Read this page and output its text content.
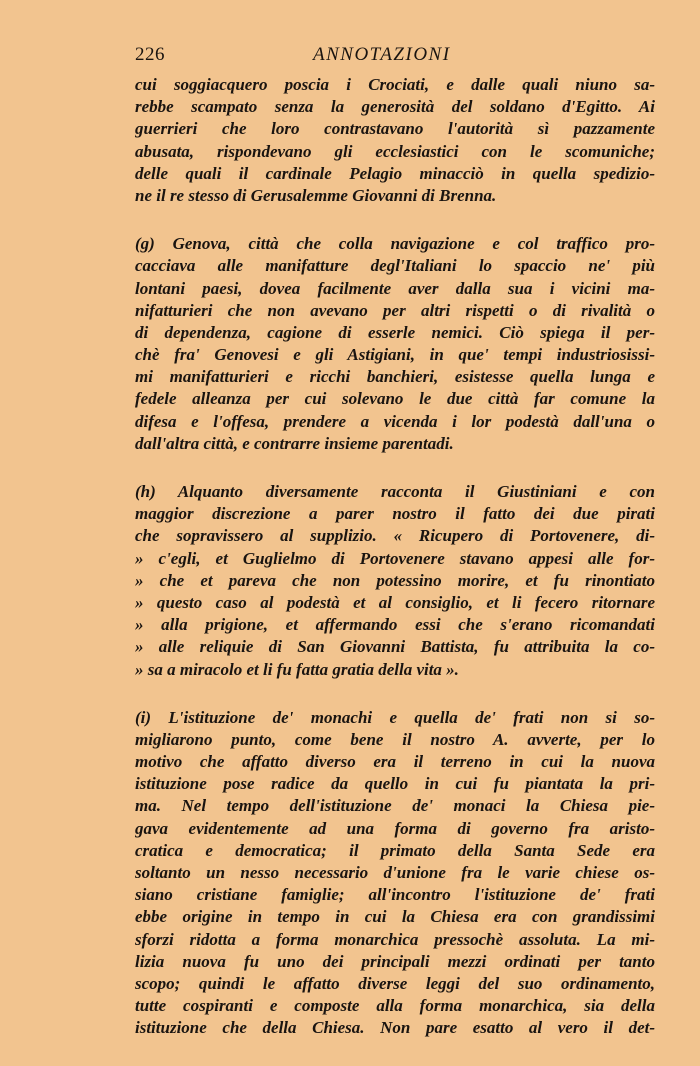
226	ANNOTAZIONI
cui soggiacquero poscia i Crociati, e dalle quali niuno sa-
rebbe scampato senza la generosità del soldano d'Egitto. Ai
guerrieri che loro contrastavano l'autorità sì pazzamente
abusata, rispondevano gli ecclesiastici con le scomuniche;
delle quali il cardinale Pelagio minacciò in quella spedizio-
ne il re stesso di Gerusalemme Giovanni di Brenna.
(g) Genova, città che colla navigazione e col traffico pro-
cacciava alle manifatture degl'Italiani lo spaccio ne' più
lontani paesi, dovea facilmente aver dalla sua i vicini ma-
nifatturieri che non avevano per altri rispetti o di rivalità o
di dependenza, cagione di esserle nemici. Ciò spiega il per-
chè fra' Genovesi e gli Astigiani, in que' tempi industriosissi-
mi manifatturieri e ricchi banchieri, esistesse quella lunga e
fedele alleanza per cui solevano le due città far comune la
difesa e l'offesa, prendere a vicenda i lor podestà dall'una o
dall'altra città, e contrarre insieme parentadi.
(h) Alquanto diversamente racconta il Giustiniani e con
maggior discrezione a parer nostro il fatto dei due pirati
che sopravissero al supplizio. « Ricupero di Portovenere, di-
» c'egli, et Guglielmo di Portovenere stavano appesi alle for-
» che et pareva che non potessino morire, et fu rinontiato
» questo caso al podestà et al consiglio, et li fecero ritornare
» alla prigione, et affermando essi che s'erano ricomandati
» alle reliquie di San Giovanni Battista, fu attribuita la co-
» sa a miracolo et li fu fatta gratia della vita ».
(i) L'istituzione de' monachi e quella de' frati non si so-
migliarono punto, come bene il nostro A. avverte, per lo
motivo che affatto diverso era il terreno in cui la nuova
istituzione pose radice da quello in cui fu piantata la pri-
ma. Nel tempo dell'istituzione de' monaci la Chiesa pie-
gava evidentemente ad una forma di governo fra aristo-
cratica e democratica; il primato della Santa Sede era
soltanto un nesso necessario d'unione fra le varie chiese os-
siano cristiane famiglie; all'incontro l'istituzione de' frati
ebbe origine in tempo in cui la Chiesa era con grandissimi
sforzi ridotta a forma monarchica pressochè assoluta. La mi-
lizia nuova fu uno dei principali mezzi ordinati per tanto
scopo; quindi le affatto diverse leggi del suo ordinamento,
tutte cospiranti e composte alla forma monarchica, sia della
istituzione che della Chiesa. Non pare esatto al vero il det-
